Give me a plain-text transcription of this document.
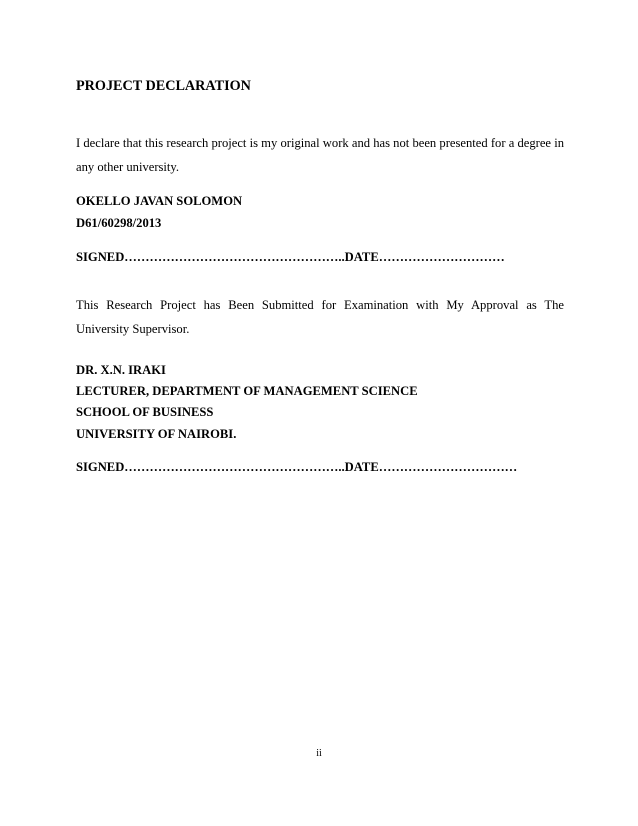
PROJECT DECLARATION
I declare that this research project is my original work and has not been presented for a degree in any other university.
OKELLO JAVAN SOLOMON
D61/60298/2013
SIGNED……………………………………………..DATE…………………………
This Research Project has Been Submitted for Examination with My Approval as The University Supervisor.
DR. X.N. IRAKI
LECTURER, DEPARTMENT OF MANAGEMENT SCIENCE
SCHOOL OF BUSINESS
UNIVERSITY OF NAIROBI.
SIGNED……………………………………………..DATE……………………………
ii
